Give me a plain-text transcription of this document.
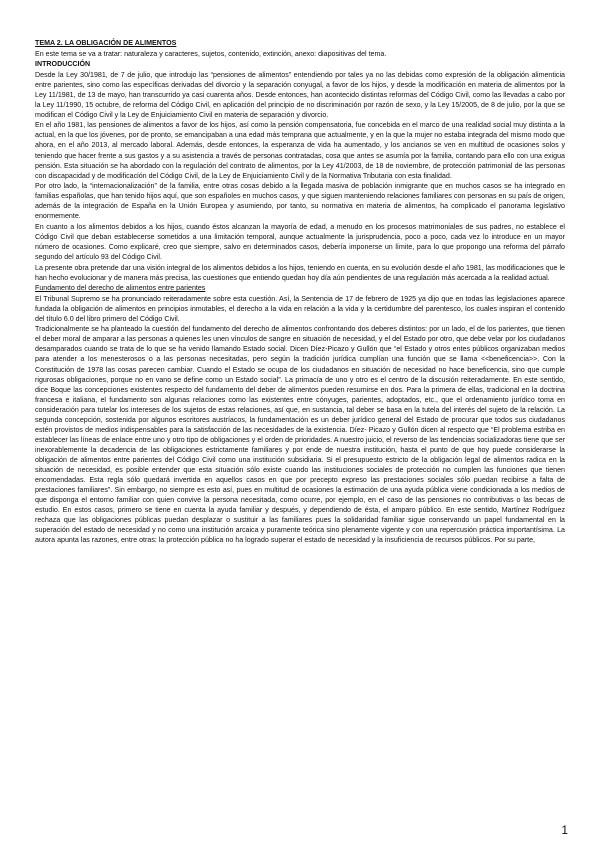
TEMA 2. LA OBLIGACIÓN DE ALIMENTOS

En este tema se va a tratar: naturaleza y caracteres, sujetos, contenido, extinción, anexo: diapositivas del tema.

INTRODUCCIÓN

Desde la Ley 30/1981, de 7 de julio, que introdujo las “pensiones de alimentos” entendiendo por tales ya no las debidas como expresión de la obligación alimenticia entre parientes, sino como las específicas derivadas del divorcio y la separación conyugal, a favor de los hijos, y desde la modificación en materia de alimentos por la Ley 11/1981, de 13 de mayo, han transcurrido ya casi cuarenta años. Desde entonces, han acontecido distintas reformas del Código Civil, como las llevadas a cabo por la Ley 11/1990, 15 octubre, de reforma del Código Civil, en aplicación del principio de no discriminación por razón de sexo, y la Ley 15/2005, de 8 de julio, por la que se modifican el Código Civil y la Ley de Enjuiciamiento Civil en materia de separación y divorcio.

En el año 1981, las pensiones de alimentos a favor de los hijos, así como la pensión compensatoria, fue concebida en el marco de una realidad social muy distinta a la actual, en la que los jóvenes, por de pronto, se emancipaban a una edad más temprana que actualmente, y en la que la mujer no estaba integrada del mismo modo que ahora, en el año 2013, al mercado laboral. Además, desde entonces, la esperanza de vida ha aumentado, y los ancianos se ven en multitud de ocasiones solos y teniendo que hacer frente a sus gastos y a su asistencia a través de personas contratadas, cosa que antes se asumía por la familia, contando para ello con una exigua pensión. Esta situación se ha abordado con la regulación del contrato de alimentos, por la Ley 41/2003, de 18 de noviembre, de protección patrimonial de las personas con discapacidad y de modificación del Código Civil, de la Ley de Enjuiciamiento Civil y de la Normativa Tributaria con esta finalidad.

Por otro lado, la “internacionalización” de la familia, entre otras cosas debido a la llegada masiva de población inmigrante que en muchos casos se ha integrado en familias españolas, que han tenido hijos aquí, que son españoles en muchos casos, y que siguen manteniendo relaciones familiares con personas en su país de origen, además de la integración de España en la Unión Europea y asumiendo, por tanto, su normativa en materia de alimentos, ha complicado el panorama legislativo enormemente.

En cuanto a los alimentos debidos a los hijos, cuando éstos alcanzan la mayoría de edad, a menudo en los procesos matrimoniales de sus padres, no establece el Código Civil que deban establecerse sometidos a una limitación temporal, aunque actualmente la jurisprudencia, poco a poco, cada vez lo introduce en un mayor número de ocasiones. Como explicaré, creo que siempre, salvo en determinados casos, debería imponerse un límite, para lo que propongo una reforma del párrafo segundo del artículo 93 del Código Civil.

La presente obra pretende dar una visión integral de los alimentos debidos a los hijos, teniendo en cuenta, en su evolución desde el año 1981, las modificaciones que le han hecho evolucionar y de manera más precisa, las cuestiones que entiendo quedan hoy día aún pendientes de una regulación más acercada a la realidad actual.

Fundamento del derecho de alimentos entre parientes

El Tribunal Supremo se ha pronunciado reiteradamente sobre esta cuestión. Así, la Sentencia de 17 de febrero de 1925 ya dijo que en todas las legislaciones aparece fundada la obligación de alimentos en principios inmutables, el derecho a la vida en relación a la vida y la certidumbre del parentesco, los cuales inspiran el contenido del título 6.0 del libro primero del Código Civil.

Tradicionalmente se ha planteado la cuestión del fundamento del derecho de alimentos confrontando dos deberes distintos: por un lado, el de los parientes, que tienen el deber moral de amparar a las personas a quienes les unen vínculos de sangre en situación de necesidad, y el del Estado por otro, que debe velar por los ciudadanos desamparados cuando se trata de lo que se ha venido llamando Estado social. Dicen Díez-Picazo y Gullón que “el Estado y otros entes públicos organizaban medios para atender a los menesterosos o a las personas necesitadas, pero según la tradición jurídica cumplían una función que se llama <<beneficencia>>. Con la Constitución de 1978 las cosas parecen cambiar. Cuando el Estado se ocupa de los ciudadanos en situación de necesidad no hace beneficencia, sino que cumple rigurosas obligaciones, porque no en vano se define como un Estado social”. La primacía de uno y otro es el centro de la discusión reiteradamente. En este sentido, dice Boque las concepciones existentes respecto del fundamento del deber de alimentos pueden resumirse en dos. Para la primera de ellas, tradicional en la doctrina francesa e italiana, el fundamento son algunas relaciones como las existentes entre cónyuges, parientes, adoptados, etc., que el ordenamiento jurídico toma en consideración para tutelar los intereses de los sujetos de estas relaciones, así que, en sustancia, tal deber se basa en la tutela del interés del sujeto de la relación. La segunda concepción, sostenida por algunos escritores austríacos, la fundamentación es un deber jurídico general del Estado de procurar que todos sus ciudadanos estén provistos de medios indispensables para la satisfacción de las necesidades de la existencia. Díez- Picazo y Gullón dicen al respecto que “El problema estriba en establecer las líneas de enlace entre uno y otro tipo de obligaciones y el orden de prioridades. A nuestro juicio, el reverso de las tendencias socializadoras tiene que ser inexorablemente la decadencia de las obligaciones estrictamente familiares y por ende de nuestra institución, hasta el punto de que hoy puede considerarse la obligación de alimentos entre parientes del Código Civil como una institución subsidiaria. Si el presupuesto estricto de la obligación legal de alimentos radica en la situación de necesidad, es posible entender que esta situación sólo existe cuando las instituciones sociales de protección no cumplen las funciones que tienen encomendadas. Esta regla sólo quedará invertida en aquellos casos en que por precepto expreso las prestaciones sociales sólo puedan recibirse a falta de prestaciones familiares”. Sin embargo, no siempre es esto así, pues en multitud de ocasiones la estimación de una ayuda pública viene condicionada a los medios de que disponga el entorno familiar con quien convive la persona necesitada, como ocurre, por ejemplo, en el caso de las pensiones no contributivas o las becas de estudio. En estos casos, primero se tiene en cuenta la ayuda familiar y después, y dependiendo de ésta, el amparo público. En este sentido, Martínez Rodríguez rechaza que las obligaciones públicas puedan desplazar o sustituir a las familiares pues la solidaridad familiar sigue conservando un papel fundamental en la superación del estado de necesidad y no como una institución arcaica y puramente teórica sino plenamente vigente y con una repercusión práctica importantísima. La autora apunta las razones, entre otras: la protección pública no ha logrado superar el estado de necesidad y la insuficiencia de recursos públicos. Por su parte,

1
